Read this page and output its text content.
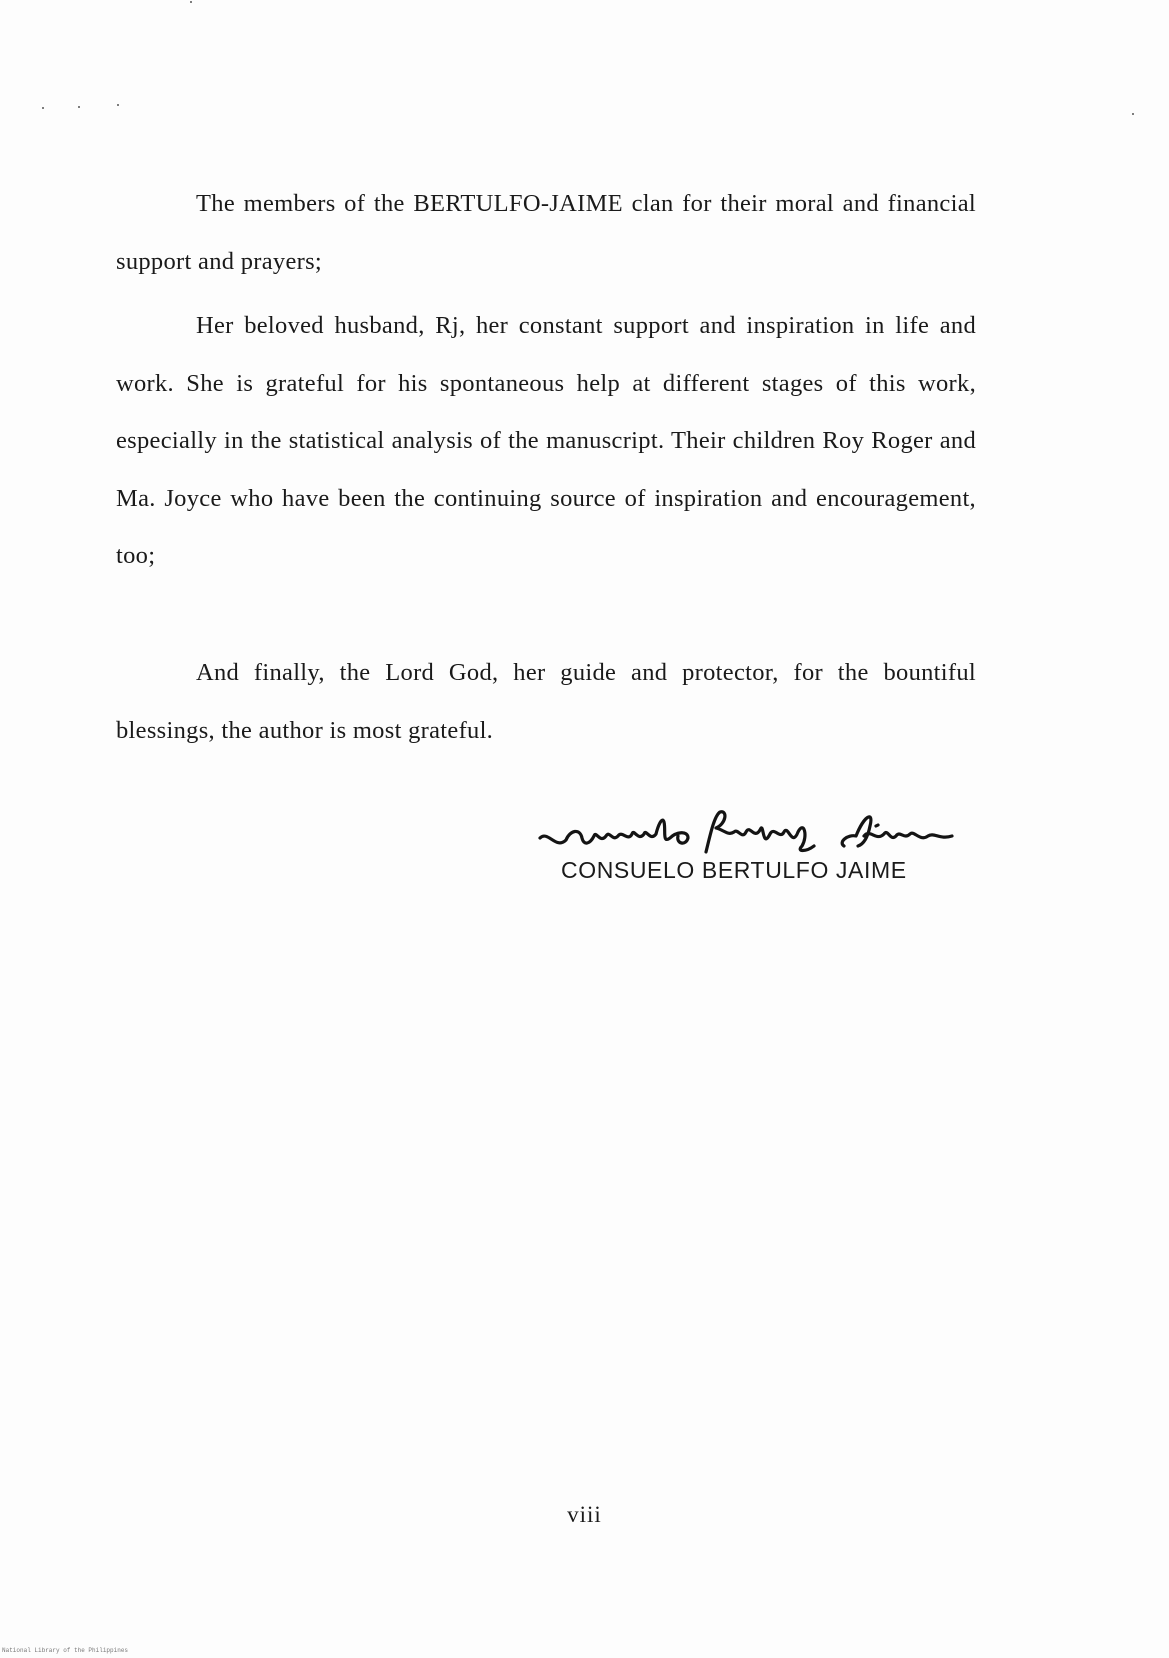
The members of the BERTULFO-JAIME clan for their moral and financial support and prayers;

Her beloved husband, Rj, her constant support and inspiration in life and work. She is grateful for his spontaneous help at different stages of this work, especially in the statistical analysis of the manuscript. Their children Roy Roger and Ma. Joyce who have been the continuing source of inspiration and encouragement, too;

And finally, the Lord God, her guide and protector, for the bountiful blessings, the author is most grateful.

CONSUELO BERTULFO JAIME

viii

National Library of the Philippines
